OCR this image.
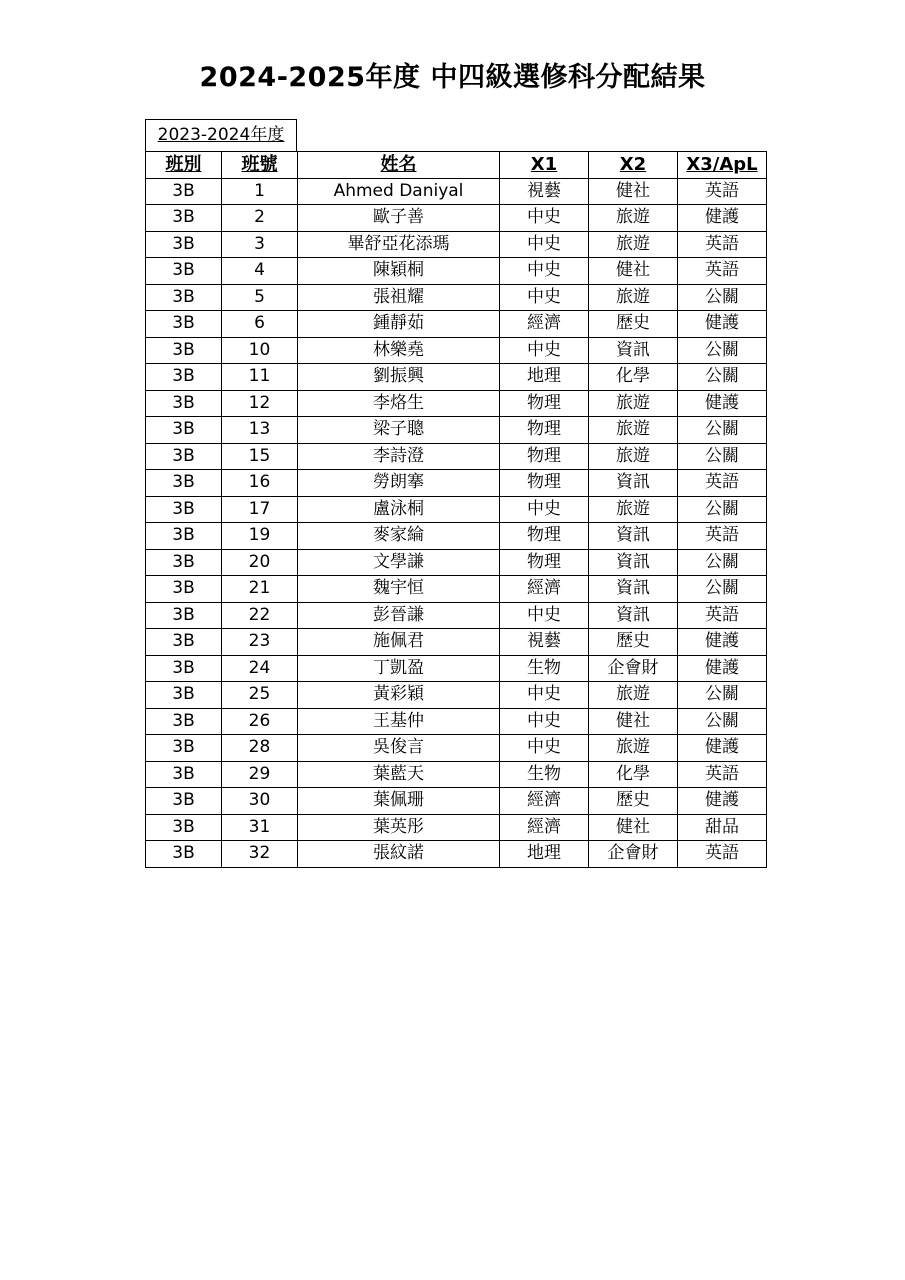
2024-2025年度 中四級選修科分配結果
2023-2024年度
班別	班號	姓名	X1	X2	X3/ApL
3B	1	Ahmed Daniyal	視藝	健社	英語
3B	2	歐子善	中史	旅遊	健護
3B	3	畢舒亞花添瑪	中史	旅遊	英語
3B	4	陳穎桐	中史	健社	英語
3B	5	張祖耀	中史	旅遊	公關
3B	6	鍾靜茹	經濟	歷史	健護
3B	10	林樂堯	中史	資訊	公關
3B	11	劉振興	地理	化學	公關
3B	12	李烙生	物理	旅遊	健護
3B	13	梁子聰	物理	旅遊	公關
3B	15	李詩澄	物理	旅遊	公關
3B	16	勞朗搴	物理	資訊	英語
3B	17	盧泳桐	中史	旅遊	公關
3B	19	麥家綸	物理	資訊	英語
3B	20	文學謙	物理	資訊	公關
3B	21	魏宇恒	經濟	資訊	公關
3B	22	彭晉謙	中史	資訊	英語
3B	23	施佩君	視藝	歷史	健護
3B	24	丁凱盈	生物	企會財	健護
3B	25	黃彩穎	中史	旅遊	公關
3B	26	王基仲	中史	健社	公關
3B	28	吳俊言	中史	旅遊	健護
3B	29	葉藍天	生物	化學	英語
3B	30	葉佩珊	經濟	歷史	健護
3B	31	葉英彤	經濟	健社	甜品
3B	32	張紋諾	地理	企會財	英語
